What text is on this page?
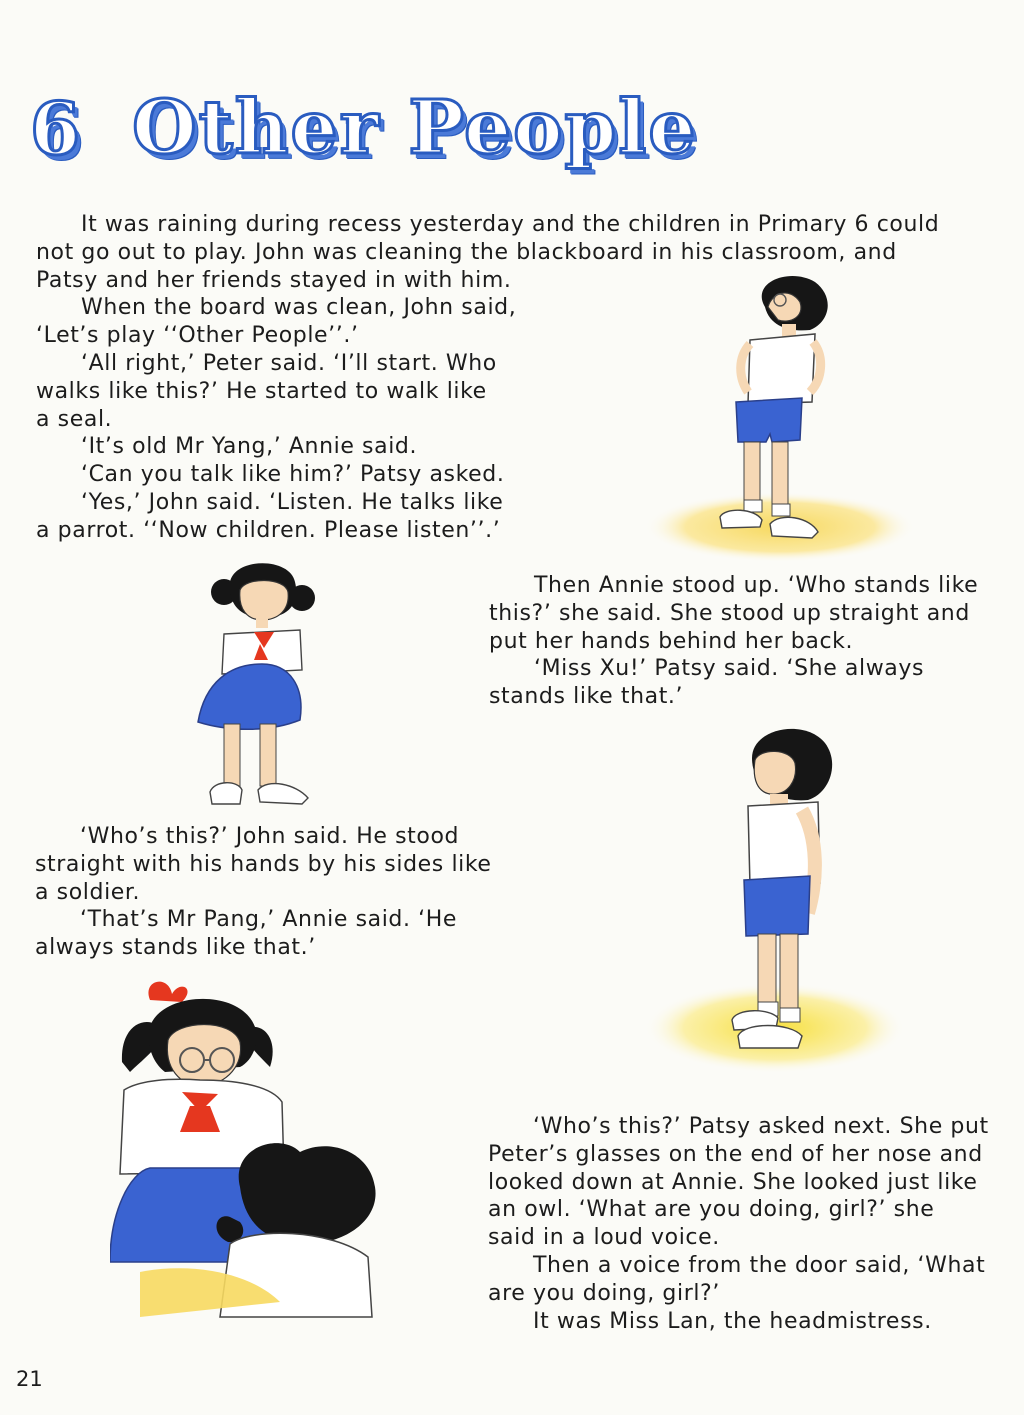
6 Other People

It was raining during recess yesterday and the children in Primary 6 could
not go out to play. John was cleaning the blackboard in his classroom, and
Patsy and her friends stayed in with him.

When the board was clean, John said,
‘Let’s play ‘‘Other People’’.’

‘All right,’ Peter said. ‘I’ll start. Who
walks like this?’ He started to walk like
a seal.

‘It’s old Mr Yang,’ Annie said.

‘Can you talk like him?’ Patsy asked.

‘Yes,’ John said. ‘Listen. He talks like
a parrot. ‘‘Now children. Please listen’’.’

Then Annie stood up. ‘Who stands like
this?’ she said. She stood up straight and
put her hands behind her back.

‘Miss Xu!’ Patsy said. ‘She always
stands like that.’

‘Who’s this?’ John said. He stood
straight with his hands by his sides like
a soldier.

‘That’s Mr Pang,’ Annie said. ‘He
always stands like that.’

‘Who’s this?’ Patsy asked next. She put
Peter’s glasses on the end of her nose and
looked down at Annie. She looked just like
an owl. ‘What are you doing, girl?’ she
said in a loud voice.

Then a voice from the door said, ‘What
are you doing, girl?’

It was Miss Lan, the headmistress.

21
